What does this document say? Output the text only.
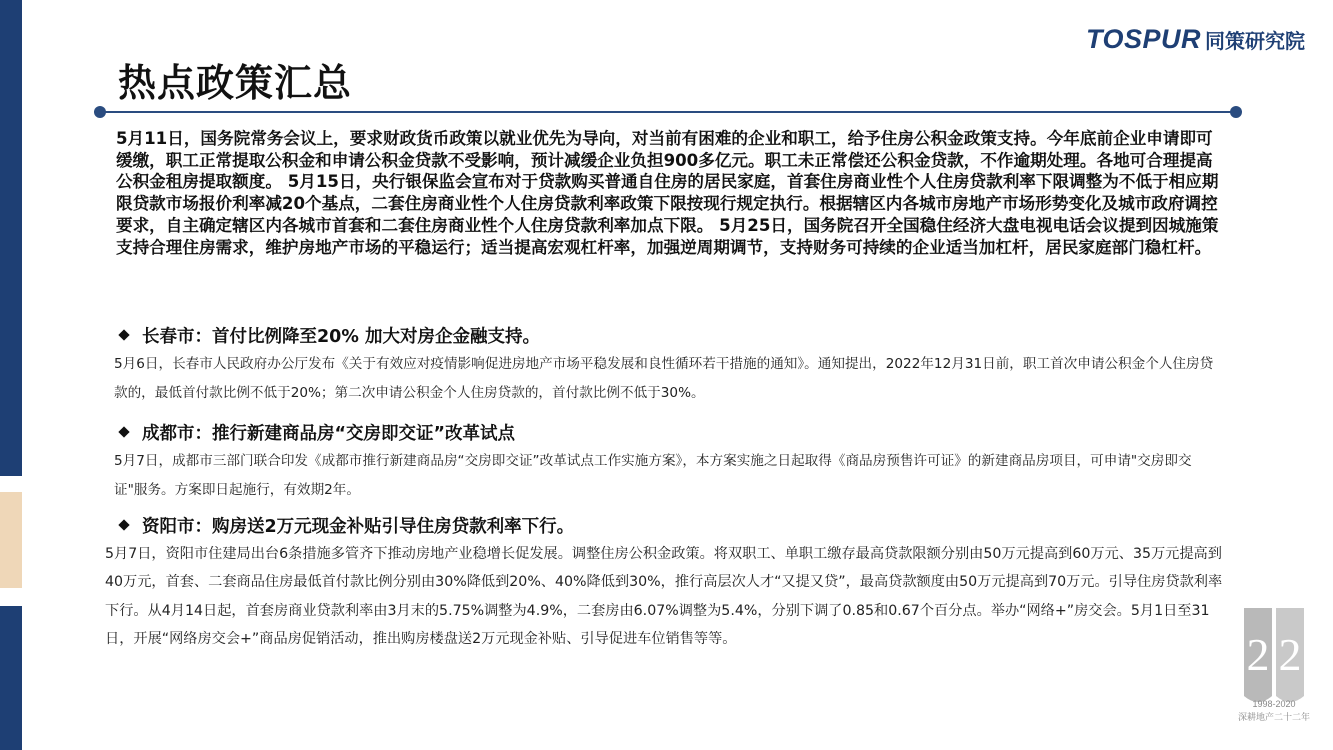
热点政策汇总
TOSPUR 同策研究院
5月11日，国务院常务会议上，要求财政货币政策以就业优先为导向，对当前有困难的企业和职工，给予住房公积金政策支持。今年底前企业申请即可缓缴，职工正常提取公积金和申请公积金贷款不受影响，预计减缓企业负担900多亿元。职工未正常偿还公积金贷款，不作逾期处理。各地可合理提高公积金租房提取额度。 5月15日，央行银保监会宣布对于贷款购买普通自住房的居民家庭，首套住房商业性个人住房贷款利率下限调整为不低于相应期限贷款市场报价利率减20个基点，二套住房商业性个人住房贷款利率政策下限按现行规定执行。根据辖区内各城市房地产市场形势变化及城市政府调控要求，自主确定辖区内各城市首套和二套住房商业性个人住房贷款利率加点下限。 5月25日，国务院召开全国稳住经济大盘电视电话会议提到因城施策支持合理住房需求，维护房地产市场的平稳运行；适当提高宏观杠杆率，加强逆周期调节，支持财务可持续的企业适当加杠杆，居民家庭部门稳杠杆。
长春市：首付比例降至20% 加大对房企金融支持。
5月6日，长春市人民政府办公厅发布《关于有效应对疫情影响促进房地产市场平稳发展和良性循环若干措施的通知》。通知提出，2022年12月31日前，职工首次申请公积金个人住房贷款的，最低首付款比例不低于20%；第二次申请公积金个人住房贷款的，首付款比例不低于30%。
成都市：推行新建商品房“交房即交证”改革试点
5月7日，成都市三部门联合印发《成都市推行新建商品房“交房即交证”改革试点工作实施方案》，本方案实施之日起取得《商品房预售许可证》的新建商品房项目，可申请"交房即交证"服务。方案即日起施行，有效期2年。
资阳市：购房送2万元现金补贴引导住房贷款利率下行。
5月7日，资阳市住建局出台6条措施多管齐下推动房地产业稳增长促发展。调整住房公积金政策。将双职工、单职工缴存最高贷款限额分别由50万元提高到60万元、35万元提高到40万元，首套、二套商品住房最低首付款比例分别由30%降低到20%、40%降低到30%，推行高层次人才“又提又贷”，最高贷款额度由50万元提高到70万元。引导住房贷款利率下行。从4月14日起，首套房商业贷款利率由3月末的5.75%调整为4.9%，二套房由6.07%调整为5.4%，分别下调了0.85和0.67个百分点。举办“网络+”房交会。5月1日至31日，开展“网络房交会+”商品房促销活动，推出购房楼盘送2万元现金补贴、引导促进车位销售等等。	2 2
1998-2020
深耕地产二十二年
